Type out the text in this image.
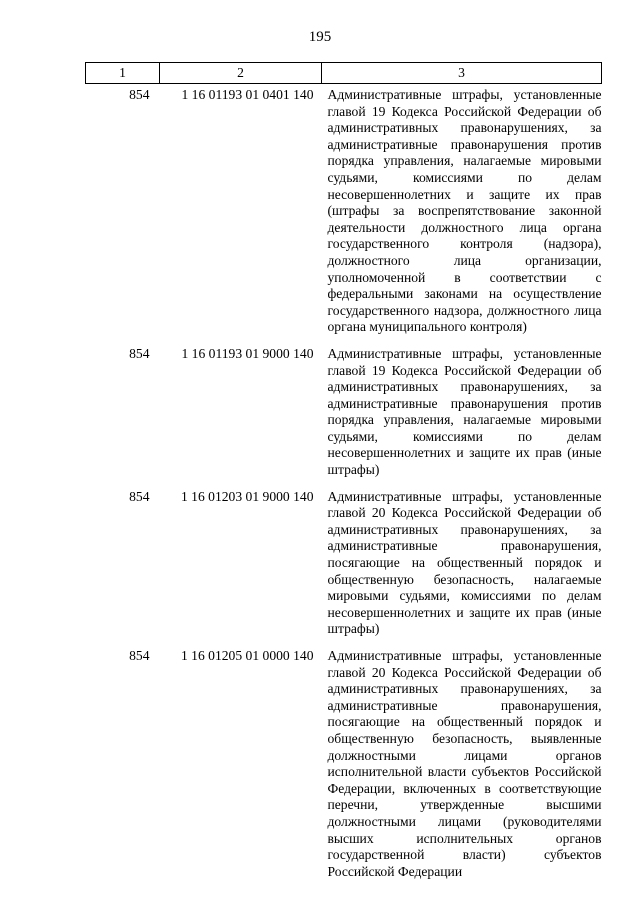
195
1	2	3
854	1 16 01193 01 0401 140	Административные штрафы, установленные главой 19 Кодекса Российской Федерации об административных правонарушениях, за административные правонарушения против порядка управления, налагаемые мировыми судьями, комиссиями по делам несовершеннолетних и защите их прав (штрафы за воспрепятствование законной деятельности должностного лица органа государственного контроля (надзора), должностного лица организации, уполномоченной в соответствии с федеральными законами на осуществление государственного надзора, должностного лица органа муниципального контроля)
854	1 16 01193 01 9000 140	Административные штрафы, установленные главой 19 Кодекса Российской Федерации об административных правонарушениях, за административные правонарушения против порядка управления, налагаемые мировыми судьями, комиссиями по делам несовершеннолетних и защите их прав (иные штрафы)
854	1 16 01203 01 9000 140	Административные штрафы, установленные главой 20 Кодекса Российской Федерации об административных правонарушениях, за административные правонарушения, посягающие на общественный порядок и общественную безопасность, налагаемые мировыми судьями, комиссиями по делам несовершеннолетних и защите их прав (иные штрафы)
854	1 16 01205 01 0000 140	Административные штрафы, установленные главой 20 Кодекса Российской Федерации об административных правонарушениях, за административные правонарушения, посягающие на общественный порядок и общественную безопасность, выявленные должностными лицами органов исполнительной власти субъектов Российской Федерации, включенных в соответствующие перечни, утвержденные высшими должностными лицами (руководителями высших исполнительных органов государственной власти) субъектов Российской Федерации
